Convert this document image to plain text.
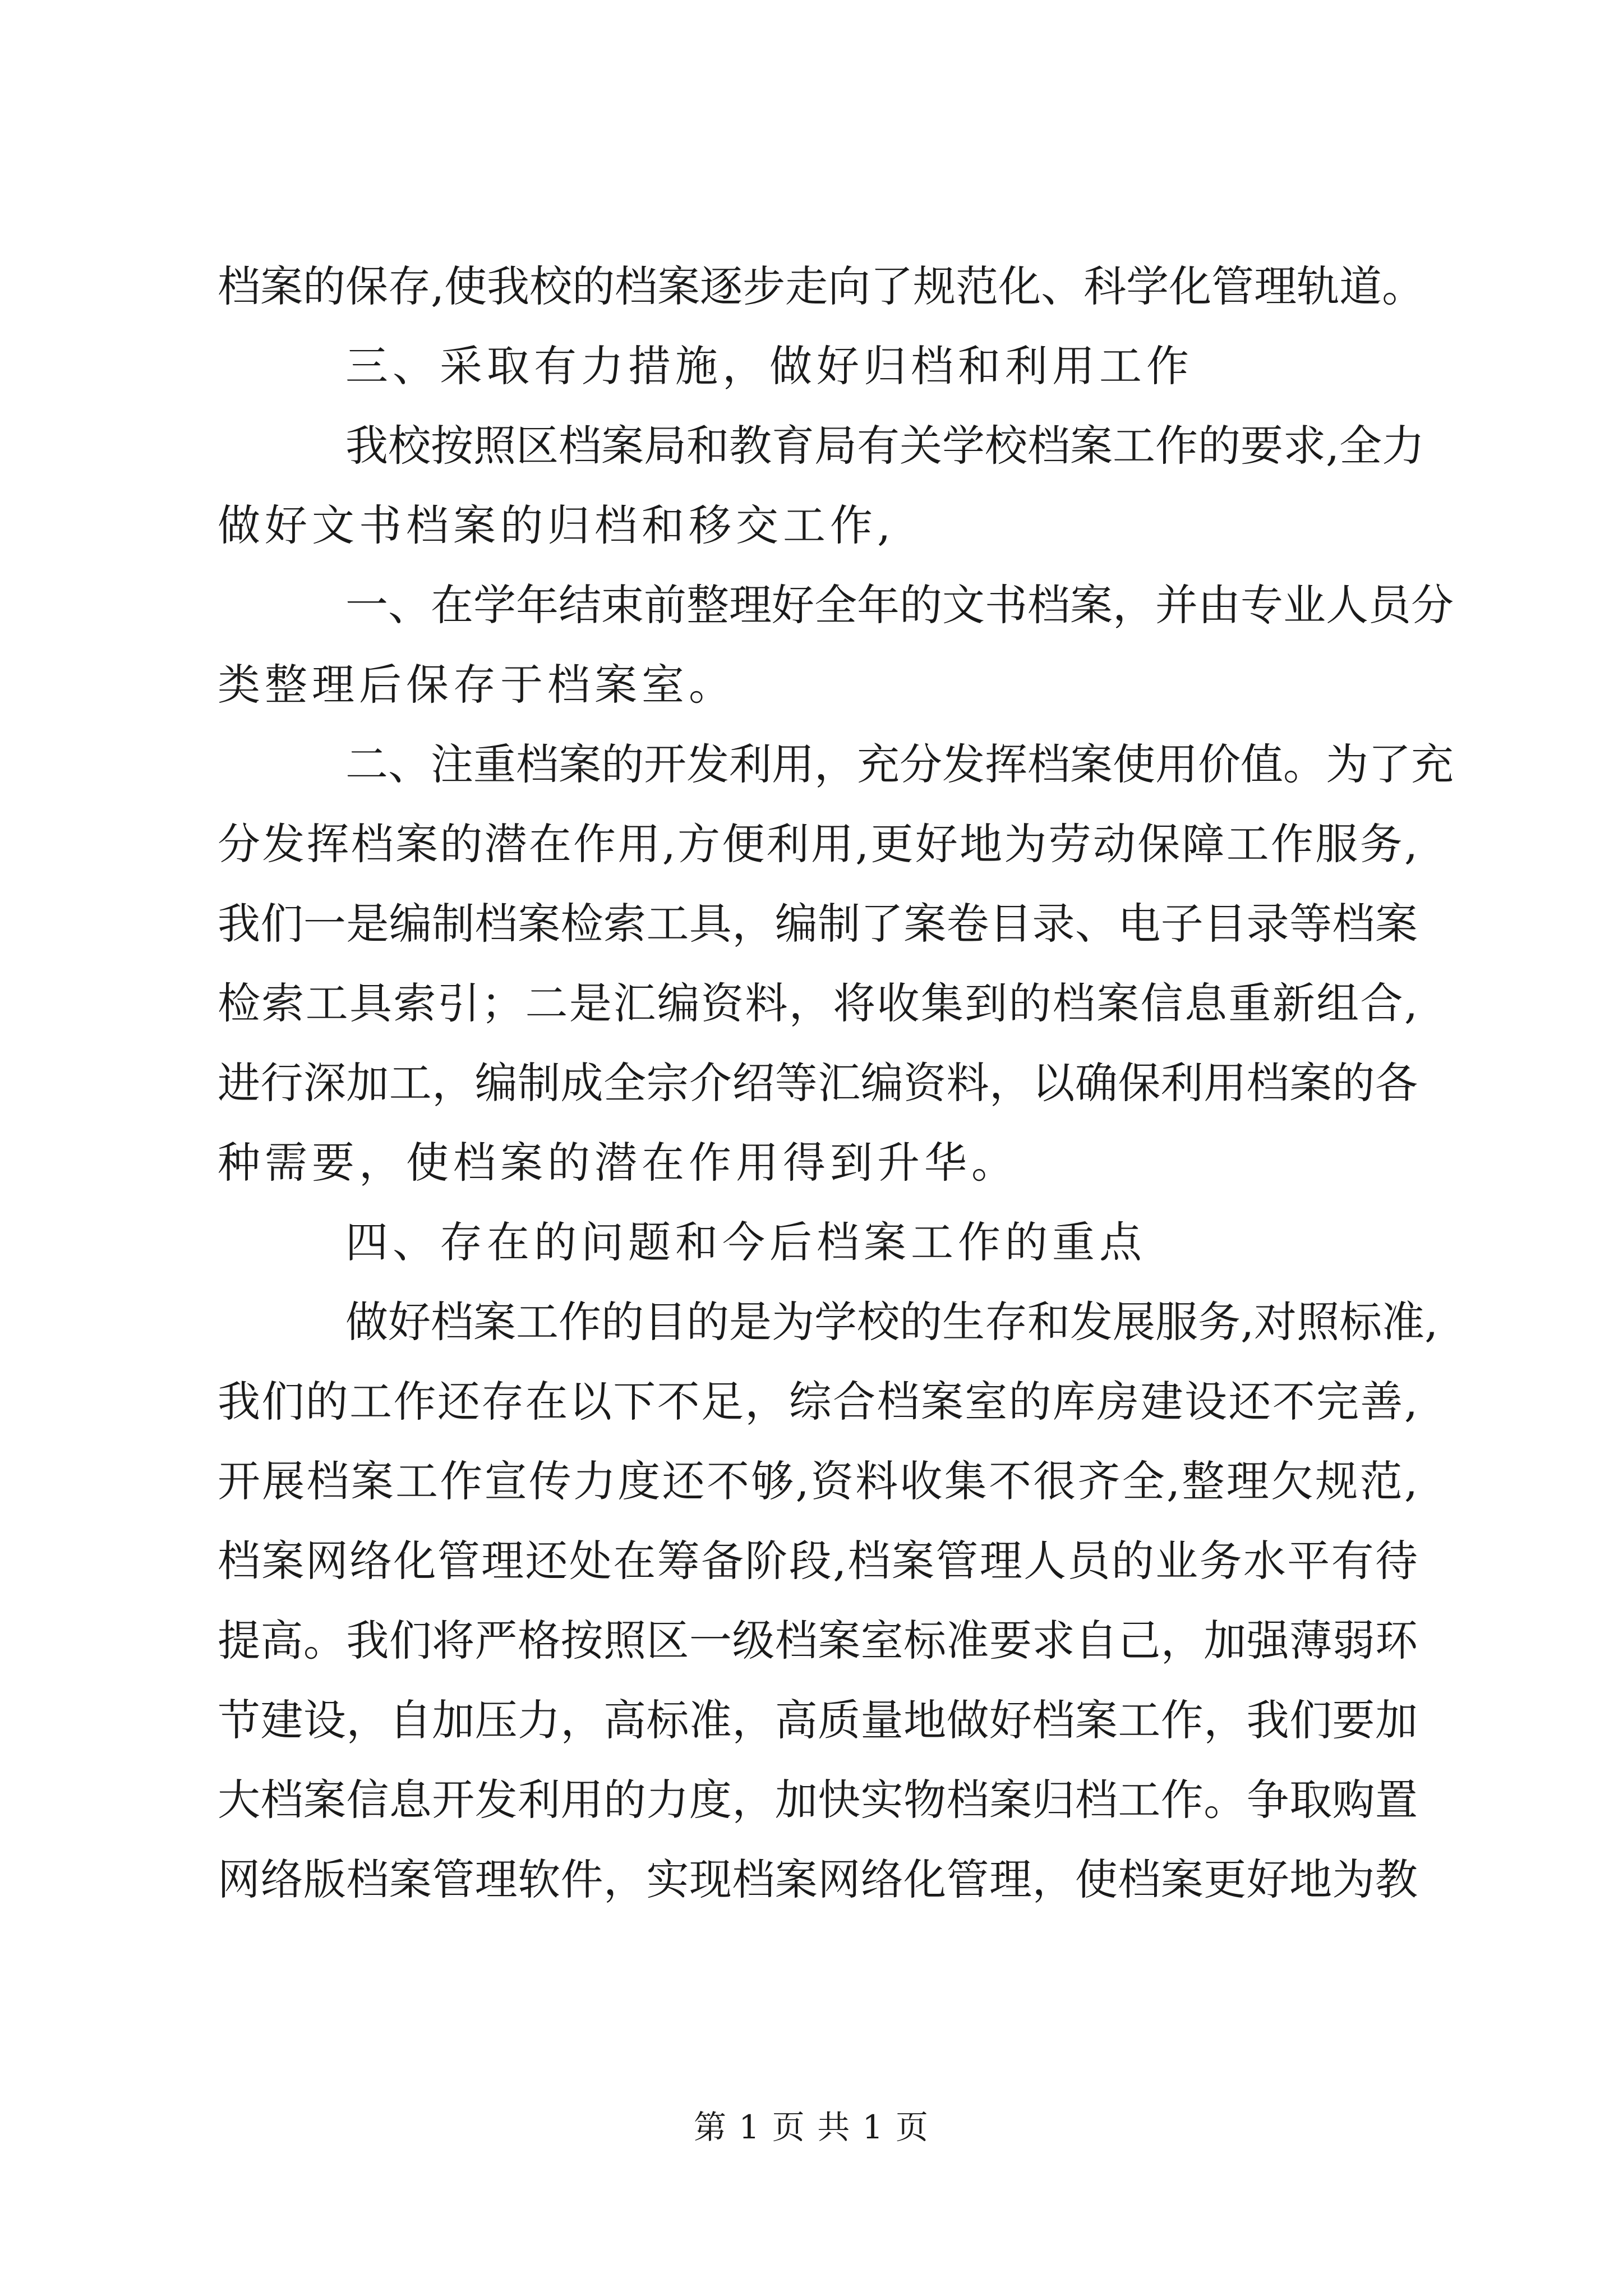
档案的保存,使我校的档案逐步走向了规范化、科学化管理轨道。
三、采取有力措施，做好归档和利用工作
我校按照区档案局和教育局有关学校档案工作的要求,全力
做好文书档案的归档和移交工作,
一、在学年结束前整理好全年的文书档案，并由专业人员分
类整理后保存于档案室。
二、注重档案的开发利用，充分发挥档案使用价值。为了充
分发挥档案的潜在作用,方便利用,更好地为劳动保障工作服务,
我们一是编制档案检索工具，编制了案卷目录、电子目录等档案
检索工具索引；二是汇编资料，将收集到的档案信息重新组合,
进行深加工，编制成全宗介绍等汇编资料，以确保利用档案的各
种需要，使档案的潜在作用得到升华。
四、存在的问题和今后档案工作的重点
做好档案工作的目的是为学校的生存和发展服务,对照标准,
我们的工作还存在以下不足，综合档案室的库房建设还不完善,
开展档案工作宣传力度还不够,资料收集不很齐全,整理欠规范,
档案网络化管理还处在筹备阶段,档案管理人员的业务水平有待
提高。我们将严格按照区一级档案室标准要求自己，加强薄弱环
节建设，自加压力，高标准，高质量地做好档案工作，我们要加
大档案信息开发利用的力度，加快实物档案归档工作。争取购置
网络版档案管理软件，实现档案网络化管理，使档案更好地为教
第 1 页 共 1 页
